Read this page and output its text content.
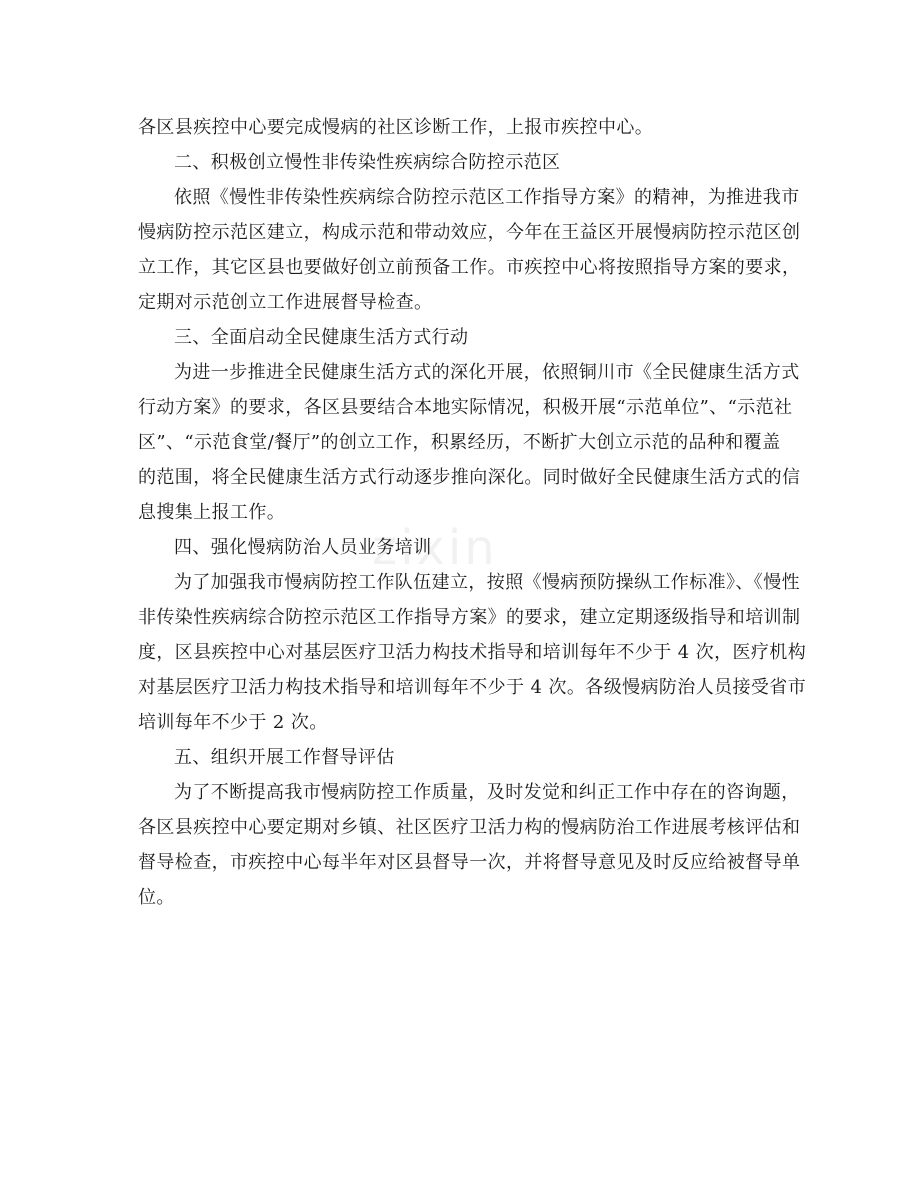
zixin
各区县疾控中心要完成慢病的社区诊断工作，上报市疾控中心。
二、积极创立慢性非传染性疾病综合防控示范区
依照《慢性非传染性疾病综合防控示范区工作指导方案》的精神，为推进我市
慢病防控示范区建立，构成示范和带动效应，今年在王益区开展慢病防控示范区创
立工作，其它区县也要做好创立前预备工作。市疾控中心将按照指导方案的要求，
定期对示范创立工作进展督导检查。
三、全面启动全民健康生活方式行动
为进一步推进全民健康生活方式的深化开展，依照铜川市《全民健康生活方式
行动方案》的要求，各区县要结合本地实际情况，积极开展“示范单位”、“示范社
区”、“示范食堂/餐厅”的创立工作，积累经历，不断扩大创立示范的品种和覆盖
的范围，将全民健康生活方式行动逐步推向深化。同时做好全民健康生活方式的信
息搜集上报工作。
四、强化慢病防治人员业务培训
为了加强我市慢病防控工作队伍建立，按照《慢病预防操纵工作标准》、《慢性
非传染性疾病综合防控示范区工作指导方案》的要求，建立定期逐级指导和培训制
度，区县疾控中心对基层医疗卫活力构技术指导和培训每年不少于 4 次，医疗机构
对基层医疗卫活力构技术指导和培训每年不少于 4 次。各级慢病防治人员接受省市
培训每年不少于 2 次。
五、组织开展工作督导评估
为了不断提高我市慢病防控工作质量，及时发觉和纠正工作中存在的咨询题，
各区县疾控中心要定期对乡镇、社区医疗卫活力构的慢病防治工作进展考核评估和
督导检查，市疾控中心每半年对区县督导一次，并将督导意见及时反应给被督导单
位。
